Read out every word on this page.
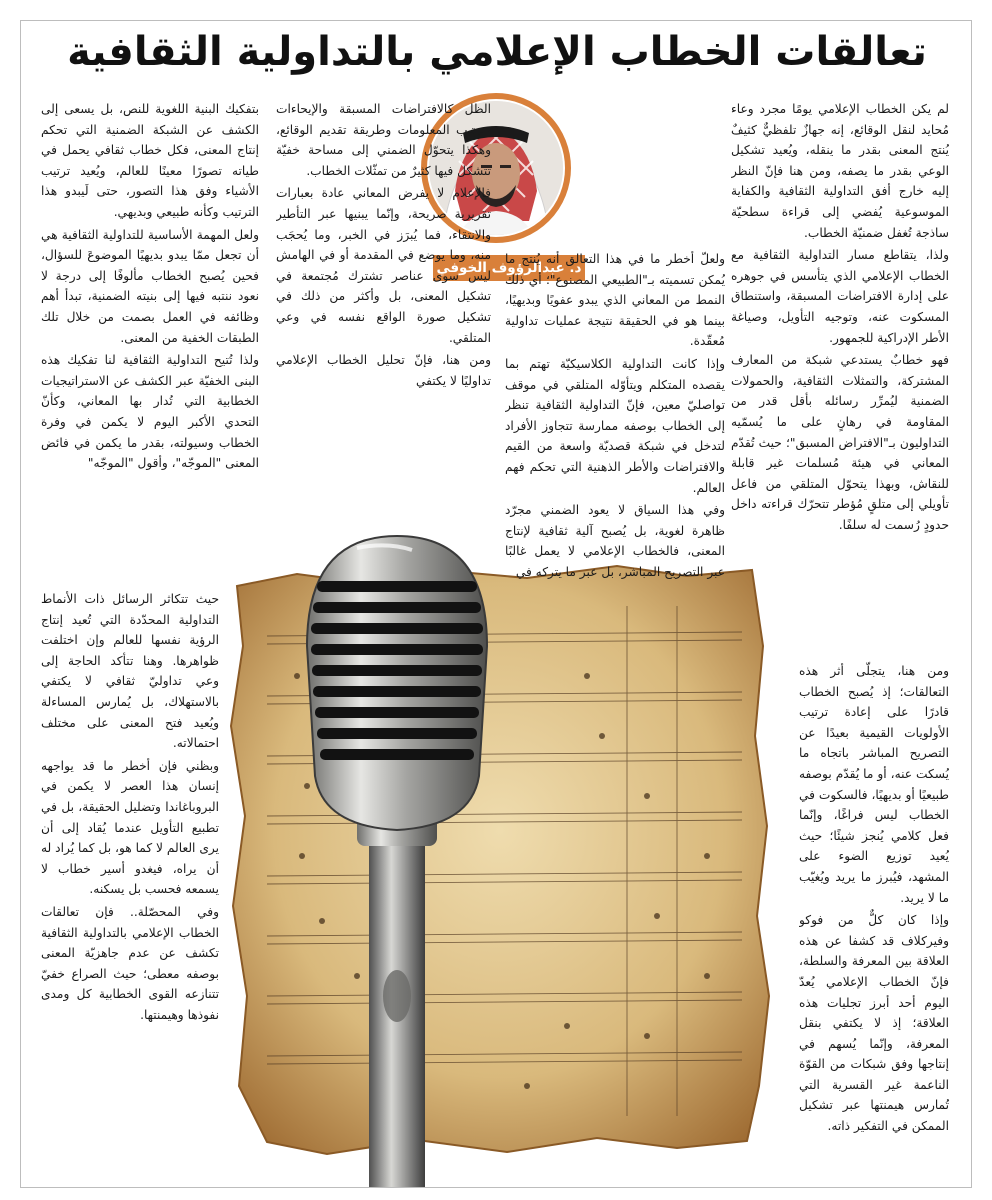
تعالقات الخطاب الإعلامي بالتداولية الثقافية
د. عبدالرؤوف الخوفي

لم يكن الخطاب الإعلامي يومًا مجرد وعاء مُحايد لنقل الوقائع، إنه جهازٌ تلفظيٌّ كثيفٌ يُنتج المعنى بقدر ما ينقله، ويُعيد تشكيل الوعي بقدر ما يصفه، ومن هنا فإنّ النظر إليه خارج أفق التداولية الثقافية والكفاية الموسوعية يُفضي إلى قراءة سطحيّة ساذجة تُغفل ضمنيّة الخطاب.

ولذا، يتقاطع مسار التداولية الثقافية مع الخطاب الإعلامي الذي يتأسس في جوهره على إدارة الافتراضات المسبقة، واستنطاق المسكوت عنه، وتوجيه التأويل، وصياغة الأطر الإدراكية للجمهور.

فهو خطابٌ يستدعي شبكة من المعارف المشتركة، والتمثلات الثقافية، والحمولات الضمنية ليُمرِّر رسائله بأقل قدر من المقاومة في رهانٍ على ما يُسمّيه التداوليون بـ"الافتراض المسبق"؛ حيث تُقدّم المعاني في هيئة مُسلمات غير قابلة للنقاش، وبهذا يتحوّل المتلقي من فاعل تأويلي إلى متلقٍ مُؤطر تتحرّك قراءته داخل حدودٍ رُسمت له سلفًا.

ومن هنا، يتجلّى أثر هذه التعالقات؛ إذ يُصبح الخطاب قادرًا على إعادة ترتيب الأولويات القيمية بعيدًا عن التصريح المباشر باتجاه ما يُسكت عنه، أو ما يُقدّم بوصفه طبيعيًا أو بديهيًا، فالسكوت في الخطاب ليس فراغًا، وإنّما فعل كلامي يُنجز شيئًا؛ حيث يُعيد توزيع الضوء على المشهد، فيُبرز ما يريد ويُغيّب ما لا يريد.

وإذا كان كلٌّ من فوكو وفيركلاف قد كشفا عن هذه العلاقة بين المعرفة والسلطة، فإنّ الخطاب الإعلامي يُعدّ اليوم أحد أبرز تجليات هذه العلاقة؛ إذ لا يكتفي بنقل المعرفة، وإنّما يُسهم في إنتاجها وفق شبكات من القوّة الناعمة غير القسرية التي تُمارس هيمنتها عبر تشكيل الممكن في التفكير ذاته.

ولعلّ أخطر ما في هذا التعالق أنه يُنتج ما يُمكن تسميته بـ"الطبيعي المصنوع"؛ أي ذلك النمط من المعاني الذي يبدو عفويًا وبديهيًا، بينما هو في الحقيقة نتيجة عمليات تداولية مُعقّدة.

وإذا كانت التداولية الكلاسيكيّة تهتم بما يقصده المتكلم ويتأوّله المتلقي في موقف تواصليّ معين، فإنّ التداولية الثقافية تنظر إلى الخطاب بوصفه ممارسة تتجاوز الأفراد لتدخل في شبكة قصديّة واسعة من القيم والافتراضات والأطر الذهنية التي تحكم فهم العالم.

وفي هذا السياق لا يعود الضمني مجرّد ظاهرة لغوية، بل يُصبح آلية ثقافية لإنتاج المعنى، فالخطاب الإعلامي لا يعمل غالبًا عبر التصريح المباشر، بل عبر ما يتركه في

الظل كالافتراضات المسبقة والإيحاءات وترتيب المعلومات وطريقة تقديم الوقائع، وهكذا يتحوّل الضمني إلى مساحة خفيّة تتشكل فيها كثيرٌ من تمثّلات الخطاب.

فالإعلام لا يفرض المعاني عادة بعبارات تقريرية صريحة، وإنّما يبنيها عبر التأطير والانتقاء، فما يُبرَز في الخبر، وما يُحجَب منه، وما يوضع في المقدمة أو في الهامش ليس سوى عناصر تشترك مُجتمعة في تشكيل المعنى، بل وأكثر من ذلك في تشكيل صورة الواقع نفسه في وعي المتلقي.

ومن هنا، فإنّ تحليل الخطاب الإعلامي تداوليًا لا يكتفي

بتفكيك البنية اللغوية للنص، بل يسعى إلى الكشف عن الشبكة الضمنية التي تحكم إنتاج المعنى، فكل خطاب ثقافي يحمل في طياته تصورًا معينًا للعالم، ويُعيد ترتيب الأشياء وفق هذا التصور، حتى لَيبدو هذا الترتيب وكأنه طبيعي وبديهي.

ولعل المهمة الأساسية للتداولية الثقافية هي أن تجعل ممّا يبدو بديهيًا الموضوعَ للسؤال، فحين يُصبح الخطاب مألوفًا إلى درجة لا نعود ننتبه فيها إلى بنيته الضمنية، تبدأ أهم وظائفه في العمل بصمت من خلال تلك الطبقات الخفية من المعنى.

ولذا تُتيح التداولية الثقافية لنا تفكيك هذه البنى الخفيّة عبر الكشف عن الاستراتيجيات الخطابية التي تُدار بها المعاني، وكأنّ التحدي الأكبر اليوم لا يكمن في وفرة الخطاب وسيولته، بقدر ما يكمن في فائض المعنى "الموجّه"، وأقول "الموجّه"

حيث تتكاثر الرسائل ذات الأنماط التداولية المحدّدة التي تُعيد إنتاج الرؤية نفسها للعالم وإن اختلفت ظواهرها. وهنا تتأكد الحاجة إلى وعي تداوليّ ثقافي لا يكتفي بالاستهلاك، بل يُمارس المساءلة ويُعيد فتح المعنى على مختلف احتمالاته.

وبظني فإن أخطر ما قد يواجهه إنسان هذا العصر لا يكمن في البروباغاندا وتضليل الحقيقة، بل في تطبيع التأويل عندما يُقاد إلى أن يرى العالم لا كما هو، بل كما يُراد له أن يراه، فيغدو أسير خطاب لا يسمعه فحسب بل يسكنه.

وفي المحصّلة.. فإن تعالقات الخطاب الإعلامي بالتداولية الثقافية تكشف عن عدم جاهزيّة المعنى بوصفه معطى؛ حيث الصراع خفيّ تتنازعه القوى الخطابية كل ومدى نفوذها وهيمنتها.
